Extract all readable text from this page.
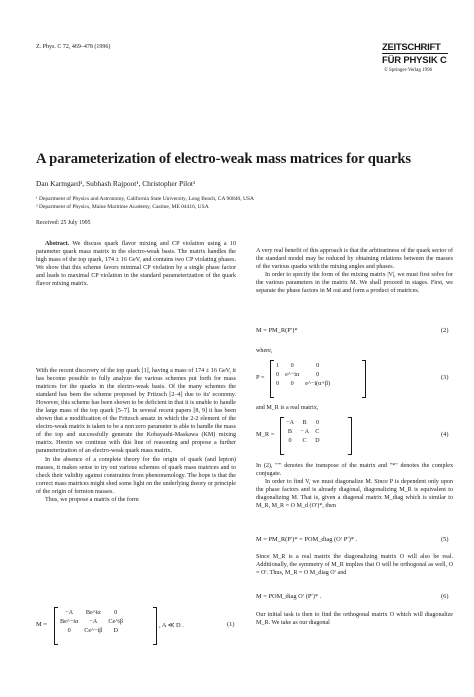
Z. Phys. C 72, 469–478 (1996)	ZEITSCHRIFT
FÜR PHYSIK C
© Springer-Verlag 1996
A parameterization of electro-weak mass matrices for quarks
Dan Karmgard¹, Subhash Rajpoot¹, Christopher Pilot²
¹ Department of Physics and Astronomy, California State University, Long Beach, CA 90840, USA
² Department of Physics, Maine Maritime Academy, Castine, ME 04416, USA
Received: 25 July 1995
Abstract. We discuss quark flavor mixing and CP violation using a 10 parameter quark mass matrix in the electro-weak basis. The matrix handles the high mass of the top quark, 174 ± 16 GeV, and contains two CP violating phases. We show that this scheme favors minimal CP violation by a single phase factor and leads to maximal CP violation in the standard parameterization of the quark flavor mixing matrix.

With the recent discovery of the top quark [1], having a mass of 174 ± 16 GeV, it has become possible to fully analyze the various schemes put forth for mass matrices for the quarks in the electro-weak basis. Of the many schemes the standard has been the scheme proposed by Fritzsch [2–4] due to its' economy. However, this scheme has been shown to be deficient in that it is unable to handle the large mass of the top quark [5–7]. In several recent papers [8, 9] it has been shown that a modification of the Fritzsch ansatz in which the 2-2 element of the electro-weak matrix is taken to be a non zero parameter is able to handle the mass of the top and successfully generate the Kobayashi-Maskawa (KM) mixing matrix. Herein we continue with this line of reasoning and propose a further parameterization of an electro-weak quark mass matrix.

In the absence of a complete theory for the origin of quark (and lepton) masses, it makes sense to try out various schemes of quark mass matrices and to check their validity against constraints from phenomenology. The hope is that the correct mass matrices might shed some light on the underlying theory or principle of the origin of fermion masses.

Thus, we propose a matrix of the form

M =
−A	Be^iα	0
Be^−iα	−A	Ce^iβ
0	Ce^−iβ	D
, A ≪ D .	(1)

A very real benefit of this approach is that the arbitrariness of the quark sector of the standard model may be reduced by obtaining relations between the masses of the various quarks with the mixing angles and phases.

In order to specify the form of the mixing matrix |V|, we must first solve for the various parameters in the matrix M. We shall proceed in stages. First, we separate the phase factors in M out and form a product of matrices.

M = PM_R(P′)*	(2)
where,
P =
1	0	0
0	e^−iα	0
0	0	e^−i(α+β)
(3)
and M_R is a real matrix,
M_R =
−A	B	0
B	− A	C
0	C	D
(4)

In (2), "′" denotes the transpose of the matrix and "*" denotes the complex conjugate.

In order to find V, we must diagonalize M. Since P is dependent only upon the phase factors and is already diagonal, diagonalizing M_R is equivalent to diagonalizing M. That is, given a diagonal matrix M_diag which is similar to M_R, M_R = O M_d (O′)*, then

M = PM_R(P′)* = POM_diag (O′ P′)* .	(5)
Since M_R is a real matrix the diagonalizing matrix O will also be real. Additionally, the symmetry of M_R implies that O will be orthogonal as well, O = O′. Thus, M_R = O M_diag O′ and
M = POM_diag O′ (P′)* .	(6)
Our initial task is then to find the orthogonal matrix O which will diagonalize M_R. We take as our diagonal
